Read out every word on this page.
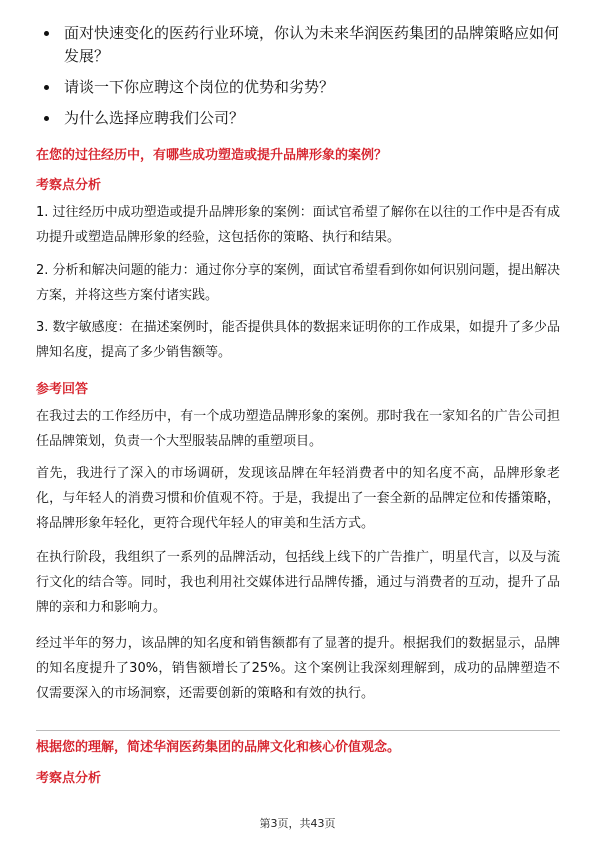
面对快速变化的医药行业环境，你认为未来华润医药集团的品牌策略应如何发展？
请谈一下你应聘这个岗位的优势和劣势？
为什么选择应聘我们公司？

在您的过往经历中，有哪些成功塑造或提升品牌形象的案例？

考察点分析

1. 过往经历中成功塑造或提升品牌形象的案例：面试官希望了解你在以往的工作中是否有成功提升或塑造品牌形象的经验，这包括你的策略、执行和结果。

2. 分析和解决问题的能力：通过你分享的案例，面试官希望看到你如何识别问题，提出解决方案，并将这些方案付诸实践。

3. 数字敏感度：在描述案例时，能否提供具体的数据来证明你的工作成果，如提升了多少品牌知名度，提高了多少销售额等。

参考回答

在我过去的工作经历中，有一个成功塑造品牌形象的案例。那时我在一家知名的广告公司担任品牌策划，负责一个大型服装品牌的重塑项目。

首先，我进行了深入的市场调研，发现该品牌在年轻消费者中的知名度不高，品牌形象老化，与年轻人的消费习惯和价值观不符。于是，我提出了一套全新的品牌定位和传播策略，将品牌形象年轻化，更符合现代年轻人的审美和生活方式。

在执行阶段，我组织了一系列的品牌活动，包括线上线下的广告推广，明星代言，以及与流行文化的结合等。同时，我也利用社交媒体进行品牌传播，通过与消费者的互动，提升了品牌的亲和力和影响力。

经过半年的努力，该品牌的知名度和销售额都有了显著的提升。根据我们的数据显示，品牌的知名度提升了30%，销售额增长了25%。这个案例让我深刻理解到，成功的品牌塑造不仅需要深入的市场洞察，还需要创新的策略和有效的执行。

根据您的理解，简述华润医药集团的品牌文化和核心价值观念。

考察点分析

第3页，共43页
